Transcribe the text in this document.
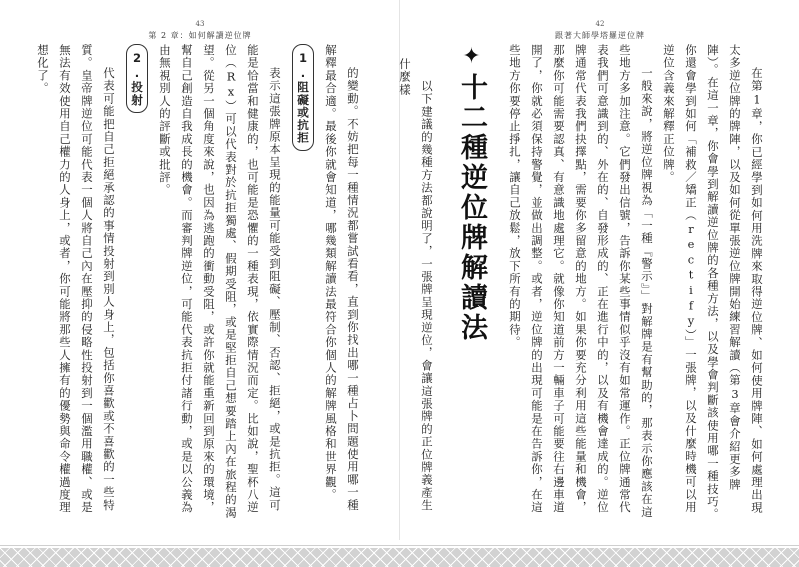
43
第 2 章：如何解讀逆位牌

的變動。不妨把每一種情況都嘗試看看，直到你找出哪一種占卜問題使用哪一種解釋最合適。最後你就會知道，哪幾類解讀法最符合你個人的解牌風格和世界觀。

1.阻礙或抗拒

表示這張牌原本呈現的能量可能受到阻礙、壓制、否認、拒絕，或是抗拒。這可能是恰當和健康的，也可能是恐懼的一種表現，依實際情況而定。比如說，聖杯八逆位（Rx）可以代表對於抗拒獨處、假期受阻，或是堅拒自己想要踏上內在旅程的渴望。從另一個角度來說，也因為逃跑的衝動受阻，或許你就能重新回到原來的環境，幫自己創造自我成長的機會。而審判牌逆位，可能代表抗拒付諸行動，或是以公義為由無視別人的評斷或批評。

2.投射

代表可能把自己拒絕承認的事情投射到別人身上，包括你喜歡或不喜歡的一些特質。皇帝牌逆位可能代表一個人將自己內在壓抑的侵略性投射到一個濫用職權、或是無法有效使用自己權力的人身上，或者，你可能將那些人擁有的優勢與命令權過度理想化了。

42
跟著大師學塔羅逆位牌

在第1章，你已經學到如何用洗牌來取得逆位牌、如何使用牌陣、如何處理出現太多逆位牌的牌陣，以及如何從單張逆位牌開始練習解讀（第3章會介紹更多牌陣）。在這一章，你會學到解讀逆位牌的各種方法，以及學會判斷該使用哪一種技巧。你還會學到如何「補救／矯正（rectify）」一張牌，以及什麼時機可以用逆位含義來解釋正位牌。

一般來說，將逆位牌視為「一種『警示』」對解牌是有幫助的，那表示你應該在這些地方多加注意。它們發出信號，告訴你某些事情似乎沒有如常運作。正位牌通常代表我們可意識到的、外在的、自發形成的、正在進行中的，以及有機會達成的。逆位牌通常代表我們抉擇點，需要你多留意的地方。如果你要充分利用這些能量和機會，那麼你可能需要認真、有意識地處理它。就像你知道前方一輛車子可能要往右邊車道開了，你就必須保持警覺，並做出調整。或者，逆位牌的出現可能是在告訴你，在這些地方你要停止掙扎，讓自己放鬆，放下所有的期待。

✦十二種逆位牌解讀法

以下建議的幾種方法都說明了，一張牌呈現逆位，會讓這張牌的正位牌義產生什麼樣
